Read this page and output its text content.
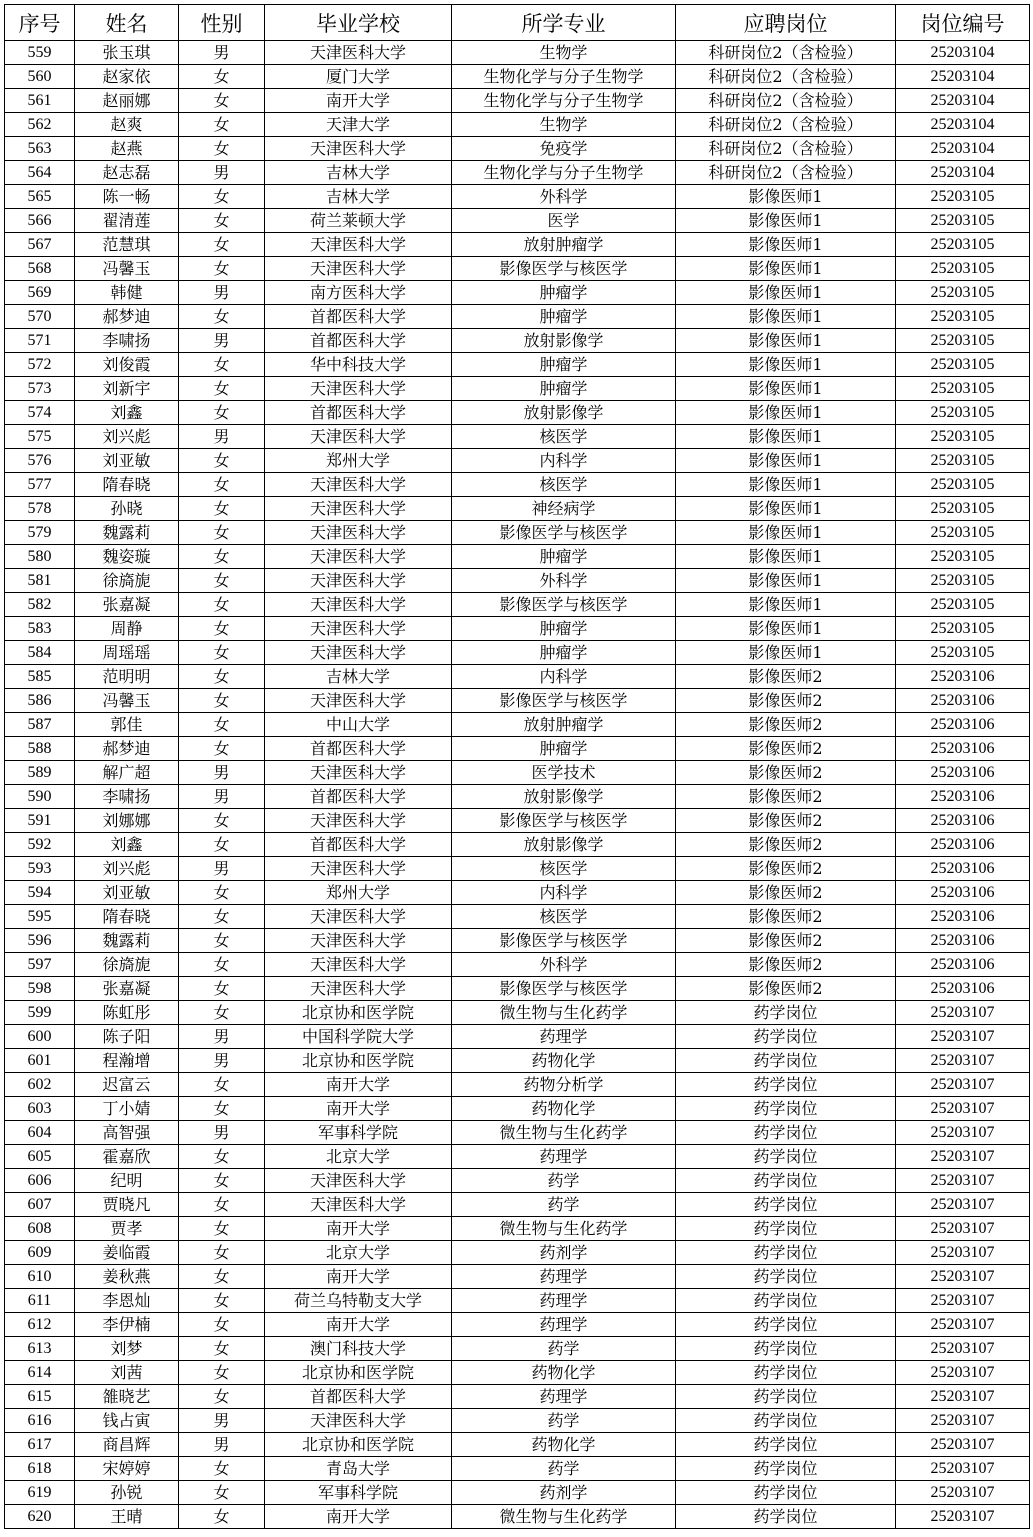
序号	姓名	性别	毕业学校	所学专业	应聘岗位	岗位编号
559	张玉琪	男	天津医科大学	生物学	科研岗位2（含检验）	25203104
560	赵家依	女	厦门大学	生物化学与分子生物学	科研岗位2（含检验）	25203104
561	赵丽娜	女	南开大学	生物化学与分子生物学	科研岗位2（含检验）	25203104
562	赵爽	女	天津大学	生物学	科研岗位2（含检验）	25203104
563	赵燕	女	天津医科大学	免疫学	科研岗位2（含检验）	25203104
564	赵志磊	男	吉林大学	生物化学与分子生物学	科研岗位2（含检验）	25203104
565	陈一畅	女	吉林大学	外科学	影像医师1	25203105
566	翟清莲	女	荷兰莱顿大学	医学	影像医师1	25203105
567	范慧琪	女	天津医科大学	放射肿瘤学	影像医师1	25203105
568	冯馨玉	女	天津医科大学	影像医学与核医学	影像医师1	25203105
569	韩健	男	南方医科大学	肿瘤学	影像医师1	25203105
570	郝梦迪	女	首都医科大学	肿瘤学	影像医师1	25203105
571	李啸扬	男	首都医科大学	放射影像学	影像医师1	25203105
572	刘俊霞	女	华中科技大学	肿瘤学	影像医师1	25203105
573	刘新宇	女	天津医科大学	肿瘤学	影像医师1	25203105
574	刘鑫	女	首都医科大学	放射影像学	影像医师1	25203105
575	刘兴彪	男	天津医科大学	核医学	影像医师1	25203105
576	刘亚敏	女	郑州大学	内科学	影像医师1	25203105
577	隋春晓	女	天津医科大学	核医学	影像医师1	25203105
578	孙晓	女	天津医科大学	神经病学	影像医师1	25203105
579	魏露莉	女	天津医科大学	影像医学与核医学	影像医师1	25203105
580	魏姿璇	女	天津医科大学	肿瘤学	影像医师1	25203105
581	徐旖旎	女	天津医科大学	外科学	影像医师1	25203105
582	张嘉凝	女	天津医科大学	影像医学与核医学	影像医师1	25203105
583	周静	女	天津医科大学	肿瘤学	影像医师1	25203105
584	周瑶瑶	女	天津医科大学	肿瘤学	影像医师1	25203105
585	范明明	女	吉林大学	内科学	影像医师2	25203106
586	冯馨玉	女	天津医科大学	影像医学与核医学	影像医师2	25203106
587	郭佳	女	中山大学	放射肿瘤学	影像医师2	25203106
588	郝梦迪	女	首都医科大学	肿瘤学	影像医师2	25203106
589	解广超	男	天津医科大学	医学技术	影像医师2	25203106
590	李啸扬	男	首都医科大学	放射影像学	影像医师2	25203106
591	刘娜娜	女	天津医科大学	影像医学与核医学	影像医师2	25203106
592	刘鑫	女	首都医科大学	放射影像学	影像医师2	25203106
593	刘兴彪	男	天津医科大学	核医学	影像医师2	25203106
594	刘亚敏	女	郑州大学	内科学	影像医师2	25203106
595	隋春晓	女	天津医科大学	核医学	影像医师2	25203106
596	魏露莉	女	天津医科大学	影像医学与核医学	影像医师2	25203106
597	徐旖旎	女	天津医科大学	外科学	影像医师2	25203106
598	张嘉凝	女	天津医科大学	影像医学与核医学	影像医师2	25203106
599	陈虹彤	女	北京协和医学院	微生物与生化药学	药学岗位	25203107
600	陈子阳	男	中国科学院大学	药理学	药学岗位	25203107
601	程瀚增	男	北京协和医学院	药物化学	药学岗位	25203107
602	迟富云	女	南开大学	药物分析学	药学岗位	25203107
603	丁小婧	女	南开大学	药物化学	药学岗位	25203107
604	高智强	男	军事科学院	微生物与生化药学	药学岗位	25203107
605	霍嘉欣	女	北京大学	药理学	药学岗位	25203107
606	纪明	女	天津医科大学	药学	药学岗位	25203107
607	贾晓凡	女	天津医科大学	药学	药学岗位	25203107
608	贾孝	女	南开大学	微生物与生化药学	药学岗位	25203107
609	姜临霞	女	北京大学	药剂学	药学岗位	25203107
610	姜秋燕	女	南开大学	药理学	药学岗位	25203107
611	李恩灿	女	荷兰乌特勒支大学	药理学	药学岗位	25203107
612	李伊楠	女	南开大学	药理学	药学岗位	25203107
613	刘梦	女	澳门科技大学	药学	药学岗位	25203107
614	刘茜	女	北京协和医学院	药物化学	药学岗位	25203107
615	雒晓艺	女	首都医科大学	药理学	药学岗位	25203107
616	钱占寅	男	天津医科大学	药学	药学岗位	25203107
617	商昌辉	男	北京协和医学院	药物化学	药学岗位	25203107
618	宋婷婷	女	青岛大学	药学	药学岗位	25203107
619	孙锐	女	军事科学院	药剂学	药学岗位	25203107
620	王晴	女	南开大学	微生物与生化药学	药学岗位	25203107
